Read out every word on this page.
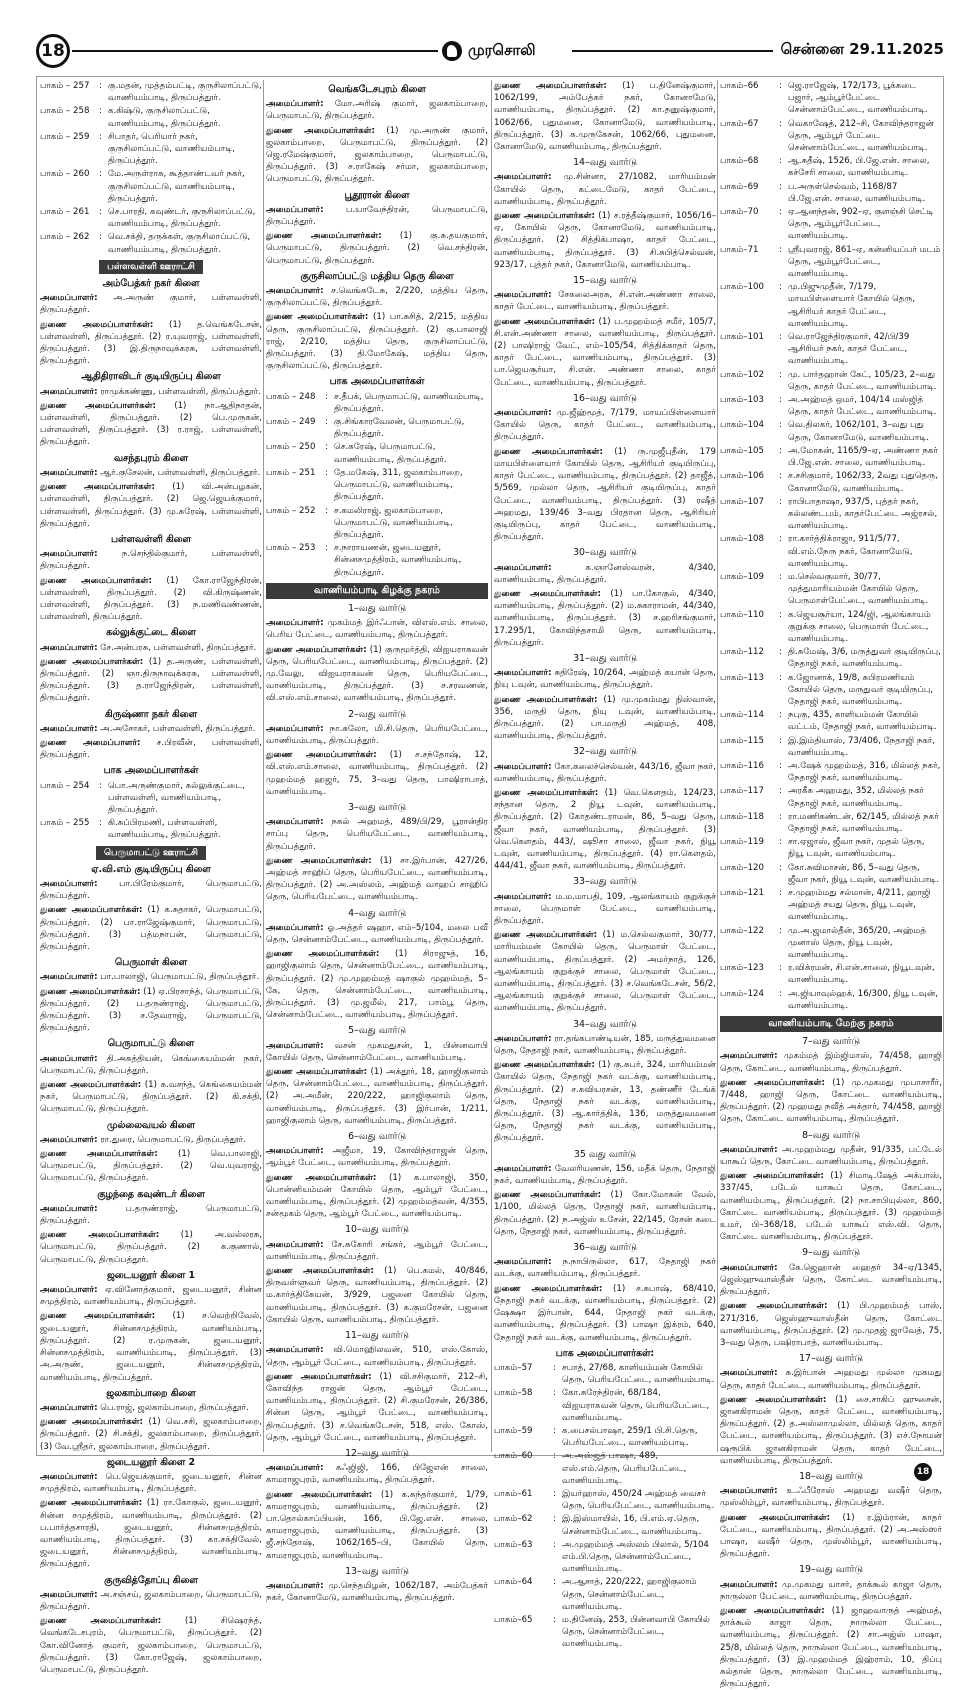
18	முரசொலி	சென்னை 29.11.2025
பாகம் – 257	: கு.மதன், முத்தம்பட்டி, குருசிலாப்பட்டு, வாணியம்பாடி, திருப்பத்தூர்.
பாகம் – 258	: க.கிஷ்டு, குருசிலாப்பட்டு, வாணியம்பாடி, திருப்பத்தூர்.
பாகம் – 259	: சிபாதர், பெரியார் நகர், குருசிலாப்பட்டு, வாணியம்பாடி, திருப்பத்தூர்.
பாகம் – 260	: மே.அருள்ராசு, கூத்தாண்டவர் நகர், குருசிலாப்பட்டு, வாணியம்பாடி, திருப்பத்தூர்.
பாகம் – 261	: செ.பாரதி, கவுண்டர், குருசிலாப்பட்டு, வாணியம்பாடி, திருப்பத்தூர்.
பாகம் – 262	: வெ.சக்தி, தருக்கள், குருசிலாப்பட்டு, வாணியம்பாடி, திருப்பத்தூர்.
பள்ளவள்ளி ஊராட்சி
அம்பேத்கர் நகர் கிளை

அமைப்பாளர்: அ.அருண் குமார், பள்ளவள்ளி, திருப்பத்தூர்.

துணை அமைப்பாளர்கள்: (1) த.வெங்கடேசன், பள்ளவள்ளி, திருப்பத்தூர். (2) ர.யுவராஜ், பள்ளவள்ளி, திருப்பத்தூர். (3) இ.திருநாவுக்கரசு, பள்ளவள்ளி, திருப்பத்தூர்.

ஆதிதிராவிடர் குடியிருப்பு கிளை

அமைப்பாளர்: ராமுக்கண்ணு, பள்ளவள்ளி, திருப்பத்தூர்.

துணை அமைப்பாளர்கள்: (1) நா.ஆதிநாதன், பள்ளவள்ளி, திருப்பத்தூர். (2) பெ.முருகன், பள்ளவள்ளி, திருப்பத்தூர். (3) ர.ராஜ், பள்ளவள்ளி, திருப்பத்தூர்.

வசந்தபுரம் கிளை

அமைப்பாளர்: ஆர்.குசேலன், பள்ளவள்ளி, திருப்பத்தூர்.

துணை அமைப்பாளர்கள்: (1) வி.அன்பழகன், பள்ளவள்ளி, திருப்பத்தூர். (2) ஜெ.ஜெயக்குமார், பள்ளவள்ளி, திருப்பத்தூர். (3) மு.சுரேஷ், பள்ளவள்ளி, திருப்பத்தூர்.

பள்ளவள்ளி கிளை

அமைப்பாளர்: ந.செந்தில்குமார், பள்ளவள்ளி, திருப்பத்தூர்.

துணை அமைப்பாளர்கள்: (1) கோ.ராஜேந்திரன், பள்ளவள்ளி, திருப்பத்தூர். (2) வி.கிருஷ்ணன், பள்ளவள்ளி, திருப்பத்தூர். (3) ந.மணிவண்ணன், பள்ளவள்ளி, திருப்பத்தூர்.

கல்லுக்குட்டை கிளை

அமைப்பாளர்: சே.அன்பரசு, பள்ளவள்ளி, திருப்பத்தூர்.

துணை அமைப்பாளர்கள்: (1) த.அருண், பள்ளவள்ளி, திருப்பத்தூர். (2) ஞா.திருநாவுக்கரசு, பள்ளவள்ளி, திருப்பத்தூர். (3) த.ராஜேந்திரன், பள்ளவள்ளி, திருப்பத்தூர்.

கிருஷ்ணா நகர் கிளை

அமைப்பாளர்: அ.அசோகர், பள்ளவள்ளி, திருப்பத்தூர்.

துணை அமைப்பாளர்: ச.பிரவீன், பள்ளவள்ளி, திருப்பத்தூர்.

பாக அமைப்பாளர்கள்
பாகம் – 254	: பொ.அருண்குமார், கல்லுக்குட்டை, பள்ளவள்ளி, வாணியம்பாடி, திருப்பத்தூர்.
பாகம் – 255	: கி.சுப்பிரமணி, பள்ளவள்ளி, வாணியம்பாடி, திருப்பத்தூர்.
பெருமாபட்டு ஊராட்சி
ஏ.வி.எம் குடியிருப்பு கிளை

அமைப்பாளர்: பா.பிரேம்குமார், பெருமாபட்டு, திருப்பத்தூர்.

துணை அமைப்பாளர்கள்: (1) க.சுதாகர், பெருமாபட்டு, திருப்பத்தூர். (2) பா.ராஜேஷ்குமார், பெருமாபட்டு, திருப்பத்தூர். (3) பத்மநாபன், பெருமாபட்டு, திருப்பத்தூர்.

பெருமாள் கிளை

அமைப்பாளர்: பா.பாலாஜி, பெருமாபட்டு, திருப்பத்தூர்.

துணை அமைப்பாளர்கள்: (1) ஏ.பிரசாந்த், பெருமாபட்டு, திருப்பத்தூர். (2) ப.தருண்ராஜ், பெருமாபட்டு, திருப்பத்தூர். (3) ச.தேவராஜ், பெருமாபட்டு, திருப்பத்தூர்.

பெருமாபட்டு கிளை

அமைப்பாளர்: தி.அகத்தியன், கெங்கையம்மன் நகர், பெருமாபட்டு, திருப்பத்தூர்.

துணை அமைப்பாளர்கள்: (1) க.வசந்த், கெங்கையம்மன் நகர், பெருமாபட்டு, திருப்பத்தூர். (2) கி.சக்தி, பெருமாபட்டு, திருப்பத்தூர்.

முல்லைவயல் கிளை

அமைப்பாளர்: ரா.துரை, பெருமாபட்டு, திருப்பத்தூர்.

துணை அமைப்பாளர்கள்: (1) வெ.பாலாஜி, பெருமாபட்டு, திருப்பத்தூர். (2) வெ.யுவராஜ், பெருமாபட்டு, திருப்பத்தூர்.

குழந்தை கவுண்டர் கிளை

அமைப்பாளர்: ப.தருண்ராஜ், பெருமாபட்டு, திருப்பத்தூர்.

துணை அமைப்பாளர்கள்: (1) அ.வல்லரசு, பெருமாபட்டு, திருப்பத்தூர். (2) க.குணால், பெருமாபட்டு, திருப்பத்தூர்.

ஜடையனூர் கிளை 1

அமைப்பாளர்: ஏ.வினோத்குமார், ஜடையனூர், சின்ன சமுத்திரம், வாணியம்பாடி, திருப்பத்தூர்.

துணை அமைப்பாளர்கள்: (1) ச.வெற்றிவேல், ஜடையனூர், சின்னசமுத்திரம், வாணியம்பாடி, திருப்பத்தூர். (2) ர.முருகன், ஜடையனூர், சின்னசமுத்திரம், வாணியம்பாடி, திருப்பத்தூர். (3) அ.அருண், ஜடையனூர், சின்னசமுத்திரம், வாணியம்பாடி, திருப்பத்தூர்.

ஜலகாம்பாறை கிளை

அமைப்பாளர்: பெ.ராஜ், ஜலகாம்பாறை, திருப்பத்தூர்.

துணை அமைப்பாளர்கள்: (1) வெ.சசி, ஜலகாம்பாறை, திருப்பத்தூர். (2) சி.சக்தி, ஜலகாம்பாறை, திருப்பத்தூர். (3) வே.ஸ்ரீதர், ஜலகாம்பாறை, திருப்பத்தூர்.

ஜடையனூர் கிளை 2

அமைப்பாளர்: பெ.ஜெயக்குமார், ஜடையனூர், சின்ன சமுத்திரம், வாணியம்பாடி, திருப்பத்தூர்.

துணை அமைப்பாளர்கள்: (1) ரா.கோகுல், ஜடையனூர், சின்ன சமுத்திரம், வாணியம்பாடி, திருப்பத்தூர். (2) ப.பார்த்தசாரதி, ஜடையனூர், சின்னசமுத்திரம், வாணியம்பாடி, திருப்பத்தூர். (3) கா.சக்திவேல், ஜடையனூர், சின்னசமுத்திரம், வாணியம்பாடி, திருப்பத்தூர்.

குருவித்தோப்பு கிளை

அமைப்பாளர்: அ.சஞ்சய், ஜலகாம்பாறை, பெருமாபட்டு, திருப்பத்தூர்.

துணை அமைப்பாளர்கள்: (1) சிஷெரந்த், வெங்கடேசபுரம், பெருமாபட்டு, திருப்பத்தூர். (2) கோ.வினோத் குமார், ஜலகாம்பாறை, பெருமாபட்டு, திருப்பத்தூர். (3) கோ.ராஜேஷ், ஜலகாம்பாறை, பெருமாபட்டு, திருப்பத்தூர்.

வெங்கடேசபுரம் கிளை

அமைப்பாளர்: மோ.அரிஷ் குமார், ஜலகாம்பாறை, பெருமாபட்டு, திருப்பத்தூர்.

துணை அமைப்பாளர்கள்: (1) மு.அருண் குமார், ஜலகாம்பாறை, பெருமாபட்டு, திருப்பத்தூர். (2) ஜெ.ரமேஷ்குமார், ஜலகாம்பாறை, பெருமாபட்டு, திருப்பத்தூர். (3) ச.ராகேஷ் சர்மா, ஜலகாம்பாறை, பெருமாபட்டு, திருப்பத்தூர்.

பூதூரான் கிளை

அமைப்பாளர்: ப.யாவேந்திரன், பெருமாபட்டு, திருப்பத்தூர்.

துணை அமைப்பாளர்கள்: (1) கு.சு.தயகுமார், பெருமாபட்டு, திருப்பத்தூர். (2) வெ.சந்திரன், பெருமாபட்டு, திருப்பத்தூர்.

குருசிலாப்பட்டு மத்திய தெரு கிளை

அமைப்பாளர்: ச.வெங்கடேசு, 2/220, மத்திய தெரு, குருசிலாப்பட்டு, திருப்பத்தூர்.

துணை அமைப்பாளர்கள்: (1) பா.சுசித், 2/215, மத்திய தெரு, குருசிலாப்பட்டு, திருப்பத்தூர். (2) கு.பாலாஜி ராஜ், 2/210, மத்திய தெரு, குருசிலாப்பட்டு, திருப்பத்தூர். (3) தி.மோகேஷ், மத்திய தெரு, குருசிலாப்பட்டு, திருப்பத்தூர்.

பாக அமைப்பாளர்கள்
பாகம் – 248	: ச.தீபக், பெருமாபட்டு, வாணியம்பாடி, திருப்பத்தூர்.
பாகம் – 249	: கு.சிங்காரவேலன், பெருமாபட்டு, திருப்பத்தூர்.
பாகம் – 250	: செ.சுரேஷ், பெருமாபட்டு, வாணியம்பாடி, திருப்பத்தூர்.
பாகம் – 251	: தே.மகேஷ், 311, ஜலகாம்பாறை, பெருமாபட்டு, வாணியம்பாடி, திருப்பத்தூர்.
பாகம் – 252	: ச.கமலிராஜ், ஜலகாம்பாறை, பெருமாபட்டு, வாணியம்பாடி, திருப்பத்தூர்.
பாகம் – 253	: ச.நாராயணன், ஜடையனூர், சின்னசமுத்திரம், வாணியம்பாடி, திருப்பத்தூர்.
வாணியம்பாடி கிழக்கு நகரம்
1–வது வார்டு

அமைப்பாளர்: முகம்மத் இர்ஃபான், விஎஸ்.எம். சாலை, பெரிய பேட்டை, வாணியம்பாடி, திருப்பத்தூர்.

துணை அமைப்பாளர்கள்: (1) குருமூர்த்தி, விஐயராகவன் தெரு, பெரியபேட்டை, வாணியம்பாடி, திருப்பத்தூர். (2) மு.வேலு, விஐயராகவன் தெரு, பெரியபேட்டை, வாணியம்பாடி, திருப்பத்தூர். (3) ச.சரவணன், வி.எஸ்.எம்.சாலை, வாணியம்பாடி, திருப்பத்தூர்.

2–வது வார்டு

அமைப்பாளர்: நா.சுலோ, மி.சி.தெரு, பெரியபேட்டை, வாணியம்பாடி, திருப்பத்தூர்.

துணை அமைப்பாளர்கள்: (1) ச.சந்தோஷ், 12, வி.எஸ்.எம்.சாலை, வாணியம்பாடி, திருப்பத்தூர். (2) முஹம்மத் ஹஜர், 75, 3–வது தெரு, பாஷிராபாத், வாணியம்பாடி.

3–வது வார்டு

அமைப்பாளர்: நசுல் அஹமத், 489/பி/29, பூரான்திர சாப்பு தெரு, பெரியபேட்டை, வாணியம்பாடி, திருப்பத்தூர்.

துணை அமைப்பாளர்கள்: (1) சா.இர்பான், 427/26, அஹ்மத் சாஹிப் தெரு, பெரியபேட்டை, வாணியம்பாடி, திருப்பத்தூர். (2) அ.அஸ்லம், அஹ்மத் வாஹப் சாஹிப் தெரு, பெரியபேட்டை, வாணியம்பாடி.

4–வது வார்டு

அமைப்பாளர்: ஓ.அத்தர் ஷஹா, எம்–5/104, மலை பவீ தெரு, சென்னாம்பேட்டை, வாணியம்பாடி, திருப்பத்தூர்.

துணை அமைப்பாளர்கள்: (1) சிராஜுத், 16, ஹாஜிகுலாம் தெரு, சென்னாம்பேட்டை, வாணியம்பாடி, திருப்பத்தூர். (2) மு.முஹம்மத் ஷாகுல் முஹம்மத், 5–கே, தெரு, சென்னாம்பேட்டை, வாணியம்பாடி, திருப்பத்தூர். (3) மு.ஜமீல், 217, பாம்பூ தெரு, சென்னாம்பேட்டை, வாணியம்பாடி, திருப்பத்தூர்.

5–வது வார்டு

அமைப்பாளர்: வசன் முகமதுசன், 1, பின்னவாபி கோயில் தெரு, சென்னாம்பேட்டை, வாணியம்பாடி.

துணை அமைப்பாளர்கள்: (1) அக்தூர், 18, ஹாஜிகுலாம் தெரு, சென்னாம்பேட்டை, வாணியம்பாடி, திருப்பத்தூர். (2) அ.அமீன், 220/222, ஹாஜிகுலாம் தெரு, வாணியம்பாடி, திருப்பத்தூர். (3) இர்பான், 1/211, ஹாஜிகுலாம் தெரு, வாணியம்பாடி, திருப்பத்தூர்.

6–வது வார்டு

அமைப்பாளர்: அஜீமா, 19, கோவிந்தராஜன் தெரு, ஆம்பூர் பேட்டை, வாணியம்பாடி, திருப்பத்தூர்.

துணை அமைப்பாளர்கள்: (1) க.பாலாஜி, 350, பொன்னியம்மன் கோயில் தெரு, ஆம்பூர் பேட்டை, வாணியம்பாடி, திருப்பத்தூர். (2) முஹம்மத்வன், 4/355, சன்மூகம் தெரு, ஆம்பூர் பேட்டை, வாணியம்பாடி.

10–வது வார்டு

அமைப்பாளர்: சே.சுகோரி சங்கர், ஆம்பூர் பேட்டை, வாணியம்பாடி, திருப்பத்தூர்.

துணை அமைப்பாளர்கள்: (1) பெ.கமல், 40/846, திருவள்ளுவர் தெரு, வாணியம்பாடி, திருப்பத்தூர். (2) ம.கார்த்திகேயன், 3/929, பஜனை கோயில் தெரு, வாணியம்பாடி, திருப்பத்தூர். (3) க.குமரேசன், பஜனை கோயில் தெரு, வாணியம்பாடி, திருப்பத்தூர்.

11–வது வார்டு

அமைப்பாளர்: வி.மொஹிலவன், 510, எஸ்.கோஸ், தெரு, ஆம்பூர் பேட்டை, வாணியம்பாடி, திருப்பத்தூர்.

துணை அமைப்பாளர்கள்: (1) வி.சசிகுமார், 212–சி, கோவிந்த ராஜன் தெரு, ஆம்பூர் பேட்டை, வாணியம்பாடி, திருப்பத்தூர். (2) சி.குமரேசன், 26/386, சின்ன தெரு, ஆம்பூர் பேட்டை, வாணியம்பாடி, திருப்பத்தூர். (3) ச.வெங்கடேசன், 518, எஸ். கோஸ், தெரு, ஆம்பூர் பேட்டை, வாணியம்பாடி, திருப்பத்தூர்.

12–வது வார்டு

அமைப்பாளர்: கஃஜிஜி, 166, பிஜேஎன் சாலை, காமராஜபுரம், வாணியம்பாடி, திருப்பத்தூர்.

துணை அமைப்பாளர்கள்: (1) க.சுந்தர்குமார், 1/79, காமராஜபுரம், வாணியம்பாடி, திருப்பத்தூர். (2) பா.தொல்காப்பியன், 166, பி.ஜே.என். சாலை, காமராஜபுரம், வாணியம்பாடி, திருப்பத்தூர். (3) ஜீ.சந்தோஷ், 1062/165–பி, கோயில் தெரு, காமராஜபுரம், வாணியம்பாடி.

13–வது வார்டு

அமைப்பாளர்: மு.செந்தமிழன், 1062/187, அம்பேத்கர் நகர், கோனாமேடு, வாணியம்பாடி, திருப்பத்தூர்.

துணை அமைப்பாளர்கள்: (1) ப.தினேஷ்குமார், 1062/199, அம்பேத்கர் நகர், கோனாமேடு, வாணியம்பாடி, திருப்பத்தூர். (2) கா.தனுஷ்குமார், 1062/66, புதுமனை, கோனாமேடு, வாணியம்பாடி, திருப்பத்தூர். (3) க.முருகேசன், 1062/66, புதுமனை, கோனாமேடு, வாணியம்பாடி, திருப்பத்தூர்.

14–வது வார்டு

அமைப்பாளர்: மு.சின்னா, 27/1082, மாரியம்மன் கோயில் தெரு, கட்டைமேடு, காதர் பேட்டை, வாணியம்பாடி, திருப்பத்தூர்.

துணை அமைப்பாளர்கள்: (1) ச.ரத்தீஷ்குமார், 1056/16–ஏ, கோயில் தெரு, கோனாமேடு, வாணியம்பாடி, திருப்பத்தூர். (2) சித்திக்பாஷா, காதர் பேட்டை, வாணியம்பாடி, திருப்பத்தூர். (3) சி.சுபித்செல்வன், 923/17, புத்தர் நகர், கோனாமேடு, வாணியம்பாடி.

15–வது வார்டு

அமைப்பாளர்: சேகலைஅரசு, சி.என்.அண்ணா சாலை, காதர் பேட்டை, வாணியம்பாடி, திருப்பத்தூர்.

துணை அமைப்பாளர்கள்: (1) ப.முஹம்மத் சமீர், 105/7, சி.என்.அண்ணா சாலை, வாணியம்பாடி, திருப்பத்தூர். (2) பாஷிராஜ் வேட், எம்–105/54, சித்திக்காதர் தெரு, காதர் பேட்டை, வாணியம்பாடி, திருப்பத்தூர். (3) பா.ஜெயசூர்யா, சி.என். அண்ணா சாலை, காதர் பேட்டை, வாணியம்பாடி, திருப்பத்தூர்.

16–வது வார்டு

அமைப்பாளர்: மு.ஜீஹ்மூத், 7/179, மாயப்பிள்ளையார் கோயில் தெரு, காதர் பேட்டை, வாணியம்பாடி, திருப்பத்தூர்.

துணை அமைப்பாளர்கள்: (1) ரு.முஜீபுதீன், 179 மாயபிள்ளையார் கோயில் தெரு, ஆசிரியர் குடியிருப்பு, காதர் பேட்டை, வாணியம்பாடி, திருப்பத்தூர். (2) தாஜீத், 5/569, முல்லா தெரு, ஆசிரியர் குடியிருப்பு, காதர் பேட்டை, வாணியம்பாடி, திருப்பத்தூர். (3) ரஷீத் அஹமது, 139/46 3–வது பிரதான தெரு, ஆசிரியர் குடியிருப்பு, காதர் பேட்டை, வாணியம்பாடி, திருப்பத்தூர்.

30–வது வார்டு

அமைப்பாளர்: க.ஞானேஸ்வரன், 4/340, வாணியம்பாடி, திருப்பத்தூர்.

துணை அமைப்பாளர்கள்: (1) பா.கோகுல், 4/340, வாணியம்பாடி, திருப்பத்தூர். (2) ம.சுகாராமன், 44/340, வாணியம்பாடி, திருப்பத்தூர். (3) ச.ஹரிசங்குமார், 17.295/1, கோவிந்தசாமி தெரு, வாணியம்பாடி, திருப்பத்தூர்.

31–வது வார்டு

அமைப்பாளர்: சுதிரேஷ், 10/264, அஹ்மத் கயான் தெரு, நியு டவுன், வாணியம்பாடி, திருப்பத்தூர்.

துணை அமைப்பாளர்கள்: (1) மு.முகம்மது நிஸ்வான், 356, மருதி தெரு, நியு டவுன், வாணியம்பாடி, திருப்பத்தூர். (2) பா.மருதி அஹ்மத், 408, வாணியம்பாடி, திருப்பத்தூர்.

32–வது வார்டு

அமைப்பாளர்: கோ.கலைச்செல்வன், 443/16, ஜீவா நகர், வாணியம்பாடி, திருப்பத்தூர்.

துணை அமைப்பாளர்கள்: (1) வெ.கௌதம், 124/23, சந்தான தெரு, 2 நியூ டவுன், வாணியம்பாடி, திருப்பத்தூர். (2) கோதண்டராமன், 86, 5–வது தெரு, ஜீவா நகர், வாணியம்பாடி, திருப்பத்தூர். (3) வெ.கௌதம், 443/, ஷூசா சாலை, ஜீவா நகர், நியூ டவுன், வாணியம்பாடி, திருப்பத்தூர். (4) ரா.கௌதம், 444/41, ஜீவா நகர், வாணியம்பாடி, திருப்பத்தூர்.

33–வது வார்டு

அமைப்பாளர்: ம.ம.மாபதி, 109, ஆலங்காயம் குறுக்குச் சாலை, பெருமாள் பேட்டை, வாணியம்பாடி, திருப்பத்தூர்.

துணை அமைப்பாளர்கள்: (1) ம.செல்வகுமார், 30/77, மாரியம்மன் கோயில் தெரு, பெருமாள் பேட்டை, வாணியம்பாடி, திருப்பத்தூர். (2) அமர்நாத், 126, ஆலங்காயம் குறுக்குச் சாலை, பெருமாள் பேட்டை, வாணியம்பாடி, திருப்பத்தூர். (3) ச.வெங்கடேசன், 56/2, ஆலங்காயம் குறுக்குச் சாலை, பெருமாள் பேட்டை, வாணியம்பாடி, திருப்பத்தூர்.

34–வது வார்டு

அமைப்பாளர்: ரா.தங்கபாண்டியன், 185, மருத்துவமனை தெரு, நேதாஜி நகர், வாணியம்பாடி, திருப்பத்தூர்.

துணை அமைப்பாளர்கள்: (1) கு.சுபர், 324, மாரியம்மன் கோயில் தெரு, நேதாஜி நகர் வடக்கு, வாணியம்பாடி, திருப்பத்தூர். (2) ச.கவியரசன், 13, தண்ணீர் டேங்க் தெரு, நேதாஜி நகர் வடக்கு, வாணியம்பாடி, திருப்பத்தூர். (3) ஆ.கார்த்திக், 136, மருத்துவமனை தெரு, நேதாஜி நகர் வடக்கு, வாணியம்பாடி, திருப்பத்தூர்.

35 வது வார்டு

அமைப்பாளர்: வேலரியணன், 156, மதீக் தெரு, நேதாஜி நகர், வாணியம்பாடி, திருப்பத்தூர்.

துணை அமைப்பாளர்கள்: (1) கோ.மோகன் வேல், 1/100, மில்லத் தெரு, நேதாஜி நகர், வாணியம்பாடி, திருப்பத்தூர். (2) ந.அஜ்ஸ் உசேன், 22/145, ரேசன் கடை தெரு, நேதாஜி நகர், வாணியம்பாடி, திருப்பத்தூர்.

36–வது வார்டு

அமைப்பாளர்: ந.நாபிருல்லா, 617, நேதாஜி நகர் வடக்கு, வாணியம்பாடி, திருப்பத்தூர்.

துணை அமைப்பாளர்கள்: (1) ச.சுபாஷ், 68/410, நேதாஜி நகர் வடக்கு, வாணியம்பாடி, திருப்பத்தூர். (2) ஷேக்ஷா இர்பான், 644, நேதாஜி நகர் வடக்கு, வாணியம்பாடி, திருப்பத்தூர். (3) பாஷா இக்ரம், 640, நேதாஜி நகர் வடக்கு, வாணியம்பாடி, திருப்பத்தூர்.

பாக அமைப்பாளர்கள்:
பாகம்–57	: சபாத், 27/68, காளியம்மன் கோயில் தெரு, பெரியபேட்டை, வாணியம்பாடி.
பாகம்–58	: கோ.சுரேந்திரன், 68/184, விஐயராகவன் தெரு, பெரியபேட்டை, வாணியம்பாடி.
பாகம்–59	: க.பைசல்பாஷா, 259/1 பி.சி.தெரு, பெரியபேட்டை, வாணியம்பாடி.
பாகம்–60	: அ.அஸ்ஜத் பாஷா, 489, எஸ்.எம்.தெரு, பெரியபேட்டை, வாணியம்பாடி.
பாகம்–61	: இயர்ஹாஸ், 450/24 அஹ்மத் வைசர் தெரு, பெரியபேட்டை, வாணியம்பாடி.
பாகம்–62	: இ.இஸ்மாயில், 16, பி.எம்.ஏ.தெரு, சென்னாம்பேட்டை, வாணியம்பாடி.
பாகம்–63	: அ.முஹம்மத் அஸ்லம் பிலால், 5/104 எம்.பி.தெரு, சென்னாம்பேட்டை, வாணியம்பாடி.
பாகம்–64	: அ.ஆசாத், 220/222, ஹாஜிகுலாம் தெரு, சென்னாம்பேட்டை, வாணியம்பாடி.
பாகம்–65	: ம.தினேஷ், 253, பின்னவாபி கோயில் தெரு, சென்னாம்பேட்டை, வாணியம்பாடி.
பாகம்–66	: ஜெ.ராஜேஷ், 172/173, பூக்கடை பஜார், ஆம்பூர்பேட்டை சென்னாம்பேட்டை, வாணியம்பாடி.
பாகம்–67	: வெகாஷேத், 212–சி, கோவிந்தராஜன் தெரு, ஆம்பூர் பேட்டை சென்னாம்பேட்டை, வாணியம்பாடி.
பாகம்–68	: ஆ.சுதீஷ், 1526, பி.ஜே.என். சாலை, கச்சேரி சாலை, வாணியம்பாடி.
பாகம்–69	: ப.அருள்செல்வம், 1168/87 பி.ஜே.என். சாலை, வாணியம்பாடி.
பாகம்–70	: ஏ.ஆனந்தன், 902–ஏ, குளஞ்சி செட்டி தெரு, ஆம்பூர்பேட்டை, வாணியம்பாடி.
பாகம்–71	: ஸ்ரீபுவராஜ், 861–ஏ, கன்னியப்பர் மடம் தெரு, ஆம்பூர்பேட்டை, வாணியம்பாடி.
பாகம்–100	: மு.பிஜுமுதீன், 7/179, மாயபிள்ளையார் கோயில் தெரு, ஆசிரியர் காதர் பேட்டை, வாணியம்பாடி.
பாகம்–101	: வெ.ராஜேந்திரகுமார், 42/பி/39 ஆசிரியர் நகர், காதர் பேட்டை, வாணியம்பாடி.
பாகம்–102	: மு. பார்தஹான் கேட், 105/23, 2–வது தெரு, காதர் பேட்டை, வாணியம்பாடி.
பாகம்–103	: அ.அஹ்மத் ஒமர், 104/14 மஸ்ஜித் தெரு, காதர் பேட்டை, வாணியம்பாடி.
பாகம்–104	: வெ.திலகர், 1062/101, 3–வது புது தெரு, கோனாமேடு, வாணியம்பாடி.
பாகம்–105	: அ.மோகன், 1165/9–ஏ, அண்ணா நகர் பி.ஜே.என். சாலை, வாணியம்பாடி.
பாகம்–106	: ச.சசிகுமார், 1062/33, 2வது புதுதெரு, கோனாமேடு, வாணியம்பாடி.
பாகம்–107	: ராபிபாதாஷா, 937/5, புத்தர் நகர், கல்லண்டபம், காதர்பேட்டை அஜ்ரசல், வாணியம்பாடி.
பாகம்–108	: ரா.கார்த்திக்ராஜா, 911/5/77, வி.எம்.நேரு நகர், கோனாமேடு, வாணியம்பாடி.
பாகம்–109	: ம.செல்வகுமார், 30/77, முத்துமாரியம்மன் கோயில் தெரு, பெருமாள்பேட்டை, வாணியம்பாடி.
பாகம்–110	: க.ஜெயசூர்யா, 124/ஜி, ஆலங்காயம் குறுக்கு சாலை, பெருமாள் பேட்டை, வாணியம்பாடி.
பாகம்–112	: தி.சுமேஷ், 3/6, மருத்துவர் குடியிருப்பு, நேதாஜி நகர், வாணியம்பாடி.
பாகம்–113	: க.ஜோனாக், 19/8, சுபிரமணியம் கோயில் தெரு, மருதுவர் குடியிருப்பு, நேதாஜி நகர், வாணியம்பாடி.
பாகம்–114	: நபுகு, 435, காளியம்மன் கோயில் வட்டம், நேதாஜி நகர், வாணியம்பாடி.
பாகம்–115	: இ.இம்தியாஸ், 73/406, நேதாஜி நகர், வாணியம்பாடி.
பாகம்–116	: அ.ஷேக் முஹம்மத், 316, மில்லத் நகர், நேதாஜி நகர், வாணியம்பாடி.
பாகம்–117	: அரகீக அஹமது, 352, மில்லத் நகர் நேதாஜி நகர், வாணியம்பாடி.
பாகம்–118	: ரா.மணிகண்டன், 62/145, மில்லத் நகர் நேதாஜி நகர், வாணியம்பாடி.
பாகம்–119	: சா.ஏஜாஸ், ஜீவா நகர், முதல் தெரு, நியூ டவுன், வாணியம்பாடி.
பாகம்–120	: கோ.சுவிமாசன், 86, 5–வது தெரு, ஜீவா நகர், நியூ டவுன், வாணியம்பாடி.
பாகம்–121	: ச.முஹம்மது சல்மான், 4/211, ஹாஜி அஹ்மத் சயது தெரு, நியூ டவுன், வாணியம்பாடி.
பாகம்–122	: மு.அ.ஜமால்தீன், 365/20, அஹ்மத் முனாஸ் தெரு, நியூ டவுன், வாணியம்பாடி.
பாகம்–123	: ர.விக்ரமன், சி.என்.சாலை, நியூடவுன், வாணியம்பாடி.
பாகம்–124	: அ.ஜியாவுல்ஹக், 16/300, நியூ டவுன், வாணியம்பாடி.
வாணியம்பாடி மேற்கு நகரம்
7–வது வார்டு

அமைப்பாளர்: முகம்மத் இம்ஜிமாஸ், 74/458, ஹாஜி தெரு, கோட்டை, வாணியம்பாடி, திருப்பத்தூர்.

துணை அமைப்பாளர்கள்: (1) மு.முகமது முபாசாரீர், 7/448, ஹாஜி தெரு, கோட்டை வாணியம்பாடி, திருப்பத்தூர். (2) முஹமது நவீத் அக்தார், 74/458, ஹாஜி தெரு, கோட்டை வாணியம்பாடி, திருப்பத்தூர்.

8–வது வார்டு

அமைப்பாளர்: அ.முஹம்மது முதீன், 91/335, பட்டேல் யாகூப் தெரு, கோட்டை வாணியம்பாடி, திருப்பத்தூர்.

துணை அமைப்பாளர்கள்: (1) சிமாடி.ஷேத் அக்பாஸ், 337/45, படேல் யாகூப் தெரு, கோட்டை, வாணியம்பாடி, திருப்பத்தூர். (2) நா.சாபியுல்லா, 860, கோட்டை வாணியம்பாடி, திருப்பத்தூர். (3) முஹம்மத் உமர், பி–368/18, படேல் யாகூப் எஸ்.வி. தெரு, கோட்டை வாணியம்பாடி, திருப்பத்தூர்.

9–வது வார்டு

அமைப்பாளர்: கே.ஜெஹான் ஹைதர் 34–ஏ/1345, ஜெஸ்ஹுவாஸ்தீன் தெரு, கோட்டை வாணியம்பாடி, திருப்பத்தூர்.

துணை அமைப்பாளர்கள்: (1) பி.முஹம்மத் பாஸ், 271/316, ஜெஸ்ஹுவாஸ்தீன் தெரு, கோட்டை வாணியம்பாடி, திருப்பத்தூர். (2) மு.முதஜ் ஜாவேத், 75, 3–வது தெரு, பஷிராபாத், வாணியம்பாடி.

17–வது வார்டு

அமைப்பாளர்: சு.இர்பான் அஹமது முல்லா முகமது தெரு, காதர் பேட்டை, வாணியம்பாடி, திருப்பத்தூர்.

துணை அமைப்பாளர்கள்: (1) சை.சாகிப் ஹுசைன், ஜானகிராமன் தெரு, காதர் பேட்டை, வாணியம்பாடி, திருப்பத்தூர். (2) த.அஸ்லாமுல்லா, மில்லத் தெரு, காதர் பேட்டை, வாணியம்பாடி, திருப்பத்தூர். (3) எச்.நோமன் ஷரூபிக் ஜானகிராமன் தெரு, காதர் பேட்டை, வாணியம்பாடி, திருப்பத்தூர்.

18–வது வார்டு

அமைப்பாளர்: உ.ஃபீரோஸ் அஹமது வஷீர் தெரு, முஸ்லிம்பூர், வாணியம்பாடி, திருப்பத்தூர்.

துணை அமைப்பாளர்கள்: (1) ர.இம்ரான், காதர் பேட்டை, வாணியம்பாடி, திருப்பத்தூர். (2) அ.அஸ்ஸர் பாஷா, வஷீர் தெரு, முஸ்லிம்பூர், வாணியம்பாடி, திருப்பத்தூர்.

19–வது வார்டு

அமைப்பாளர்: மு.முகமது யாசர், தாக்கூல் காஜா தெரு, நாருல்லா பேட்டை, வாணியம்பாடி, திருப்பத்தூர்.

துணை அமைப்பாளர்கள்: (1) ஜாஹவாருத் அஹ்மத், தாக்கூல் காஜா தெரு, நாருல்லா பேட்டை, வாணியம்பாடி, திருப்பத்தூர். (2) சா.அஜ்ஸ் பாஷா, 25/8, மில்லத் தெரு, நாருல்லா பேட்டை, வாணியம்பாடி, திருப்பத்தூர். (3) இ.முஹம்மத் இஹ்ராம், 10, திப்பு சுல்தான் தெரு, நாருல்லா பேட்டை, வாணியம்பாடி, திருப்பத்தூர்.

18
